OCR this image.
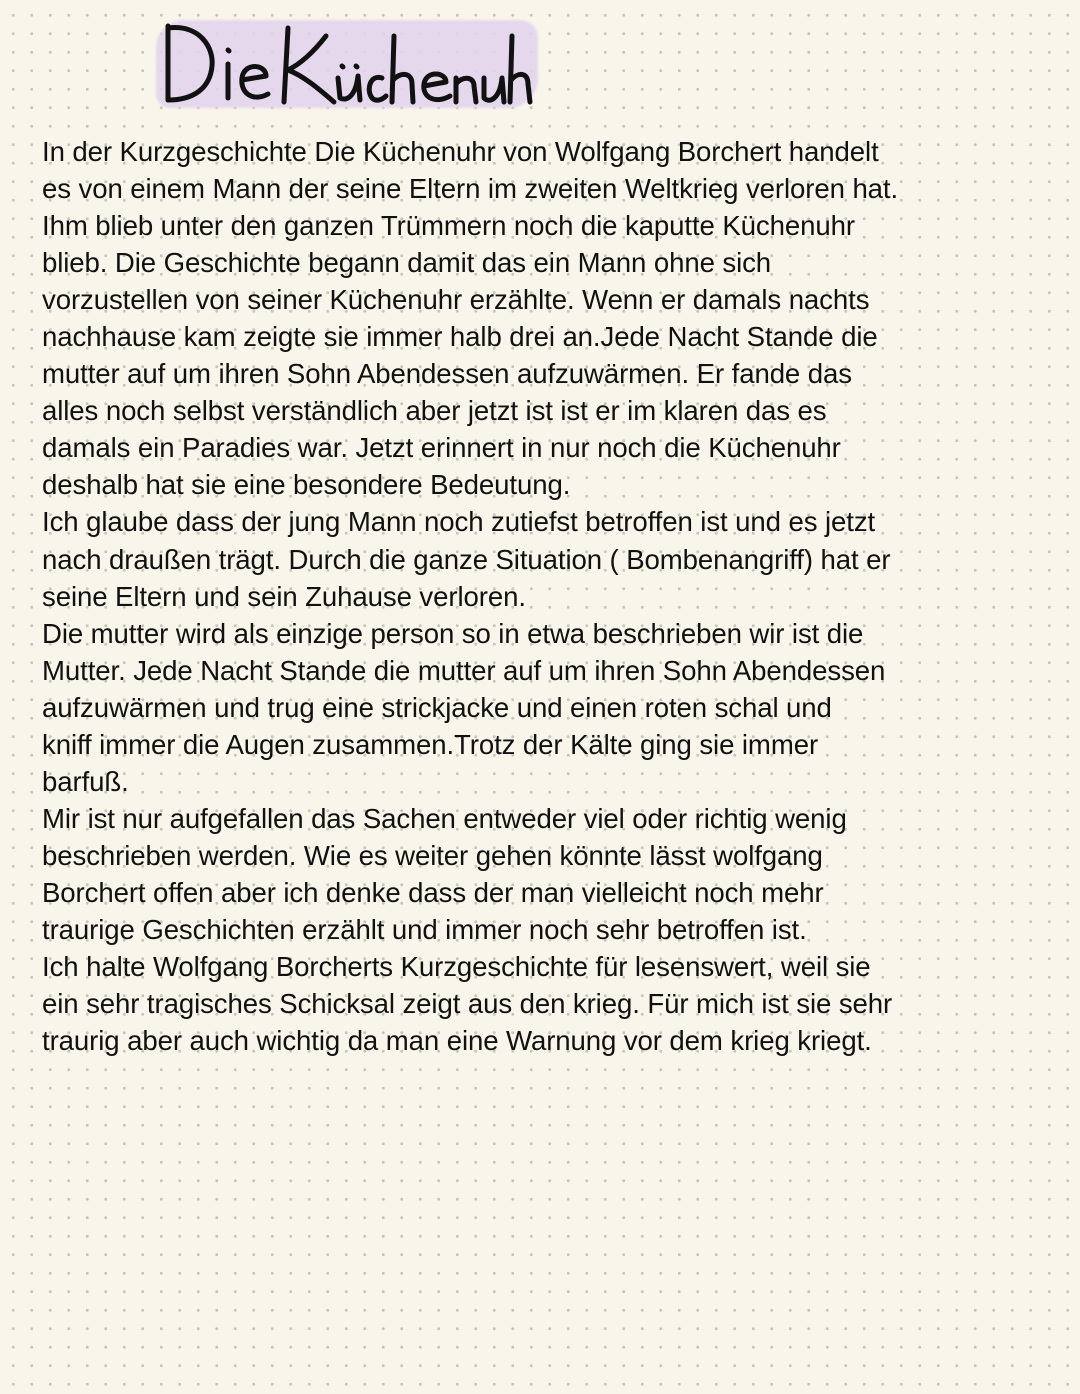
In der Kurzgeschichte Die Küchenuhr von Wolfgang Borchert handelt
es von einem Mann der seine Eltern im zweiten Weltkrieg verloren hat.
Ihm blieb unter den ganzen Trümmern noch die kaputte Küchenuhr
blieb. Die Geschichte begann damit das ein Mann ohne sich
vorzustellen von seiner Küchenuhr erzählte. Wenn er damals nachts
nachhause kam zeigte sie immer halb drei an.Jede Nacht Stande die
mutter auf um ihren Sohn Abendessen aufzuwärmen. Er fande das
alles noch selbst verständlich aber jetzt ist ist er im klaren das es
damals ein Paradies war. Jetzt erinnert in nur noch die Küchenuhr
deshalb hat sie eine besondere Bedeutung.
Ich glaube dass der jung Mann noch zutiefst betroffen ist und es jetzt
nach draußen trägt. Durch die ganze Situation ( Bombenangriff) hat er
seine Eltern und sein Zuhause verloren.
Die mutter wird als einzige person so in etwa beschrieben wir ist die
Mutter. Jede Nacht Stande die mutter auf um ihren Sohn Abendessen
aufzuwärmen und trug eine strickjacke und einen roten schal und
kniff immer die Augen zusammen.Trotz der Kälte ging sie immer
barfuß.
Mir ist nur aufgefallen das Sachen entweder viel oder richtig wenig
beschrieben werden. Wie es weiter gehen könnte lässt wolfgang
Borchert offen aber ich denke dass der man vielleicht noch mehr
traurige Geschichten erzählt und immer noch sehr betroffen ist.
Ich halte Wolfgang Borcherts Kurzgeschichte für lesenswert, weil sie
ein sehr tragisches Schicksal zeigt aus den krieg. Für mich ist sie sehr
traurig aber auch wichtig da man eine Warnung vor dem krieg kriegt.
